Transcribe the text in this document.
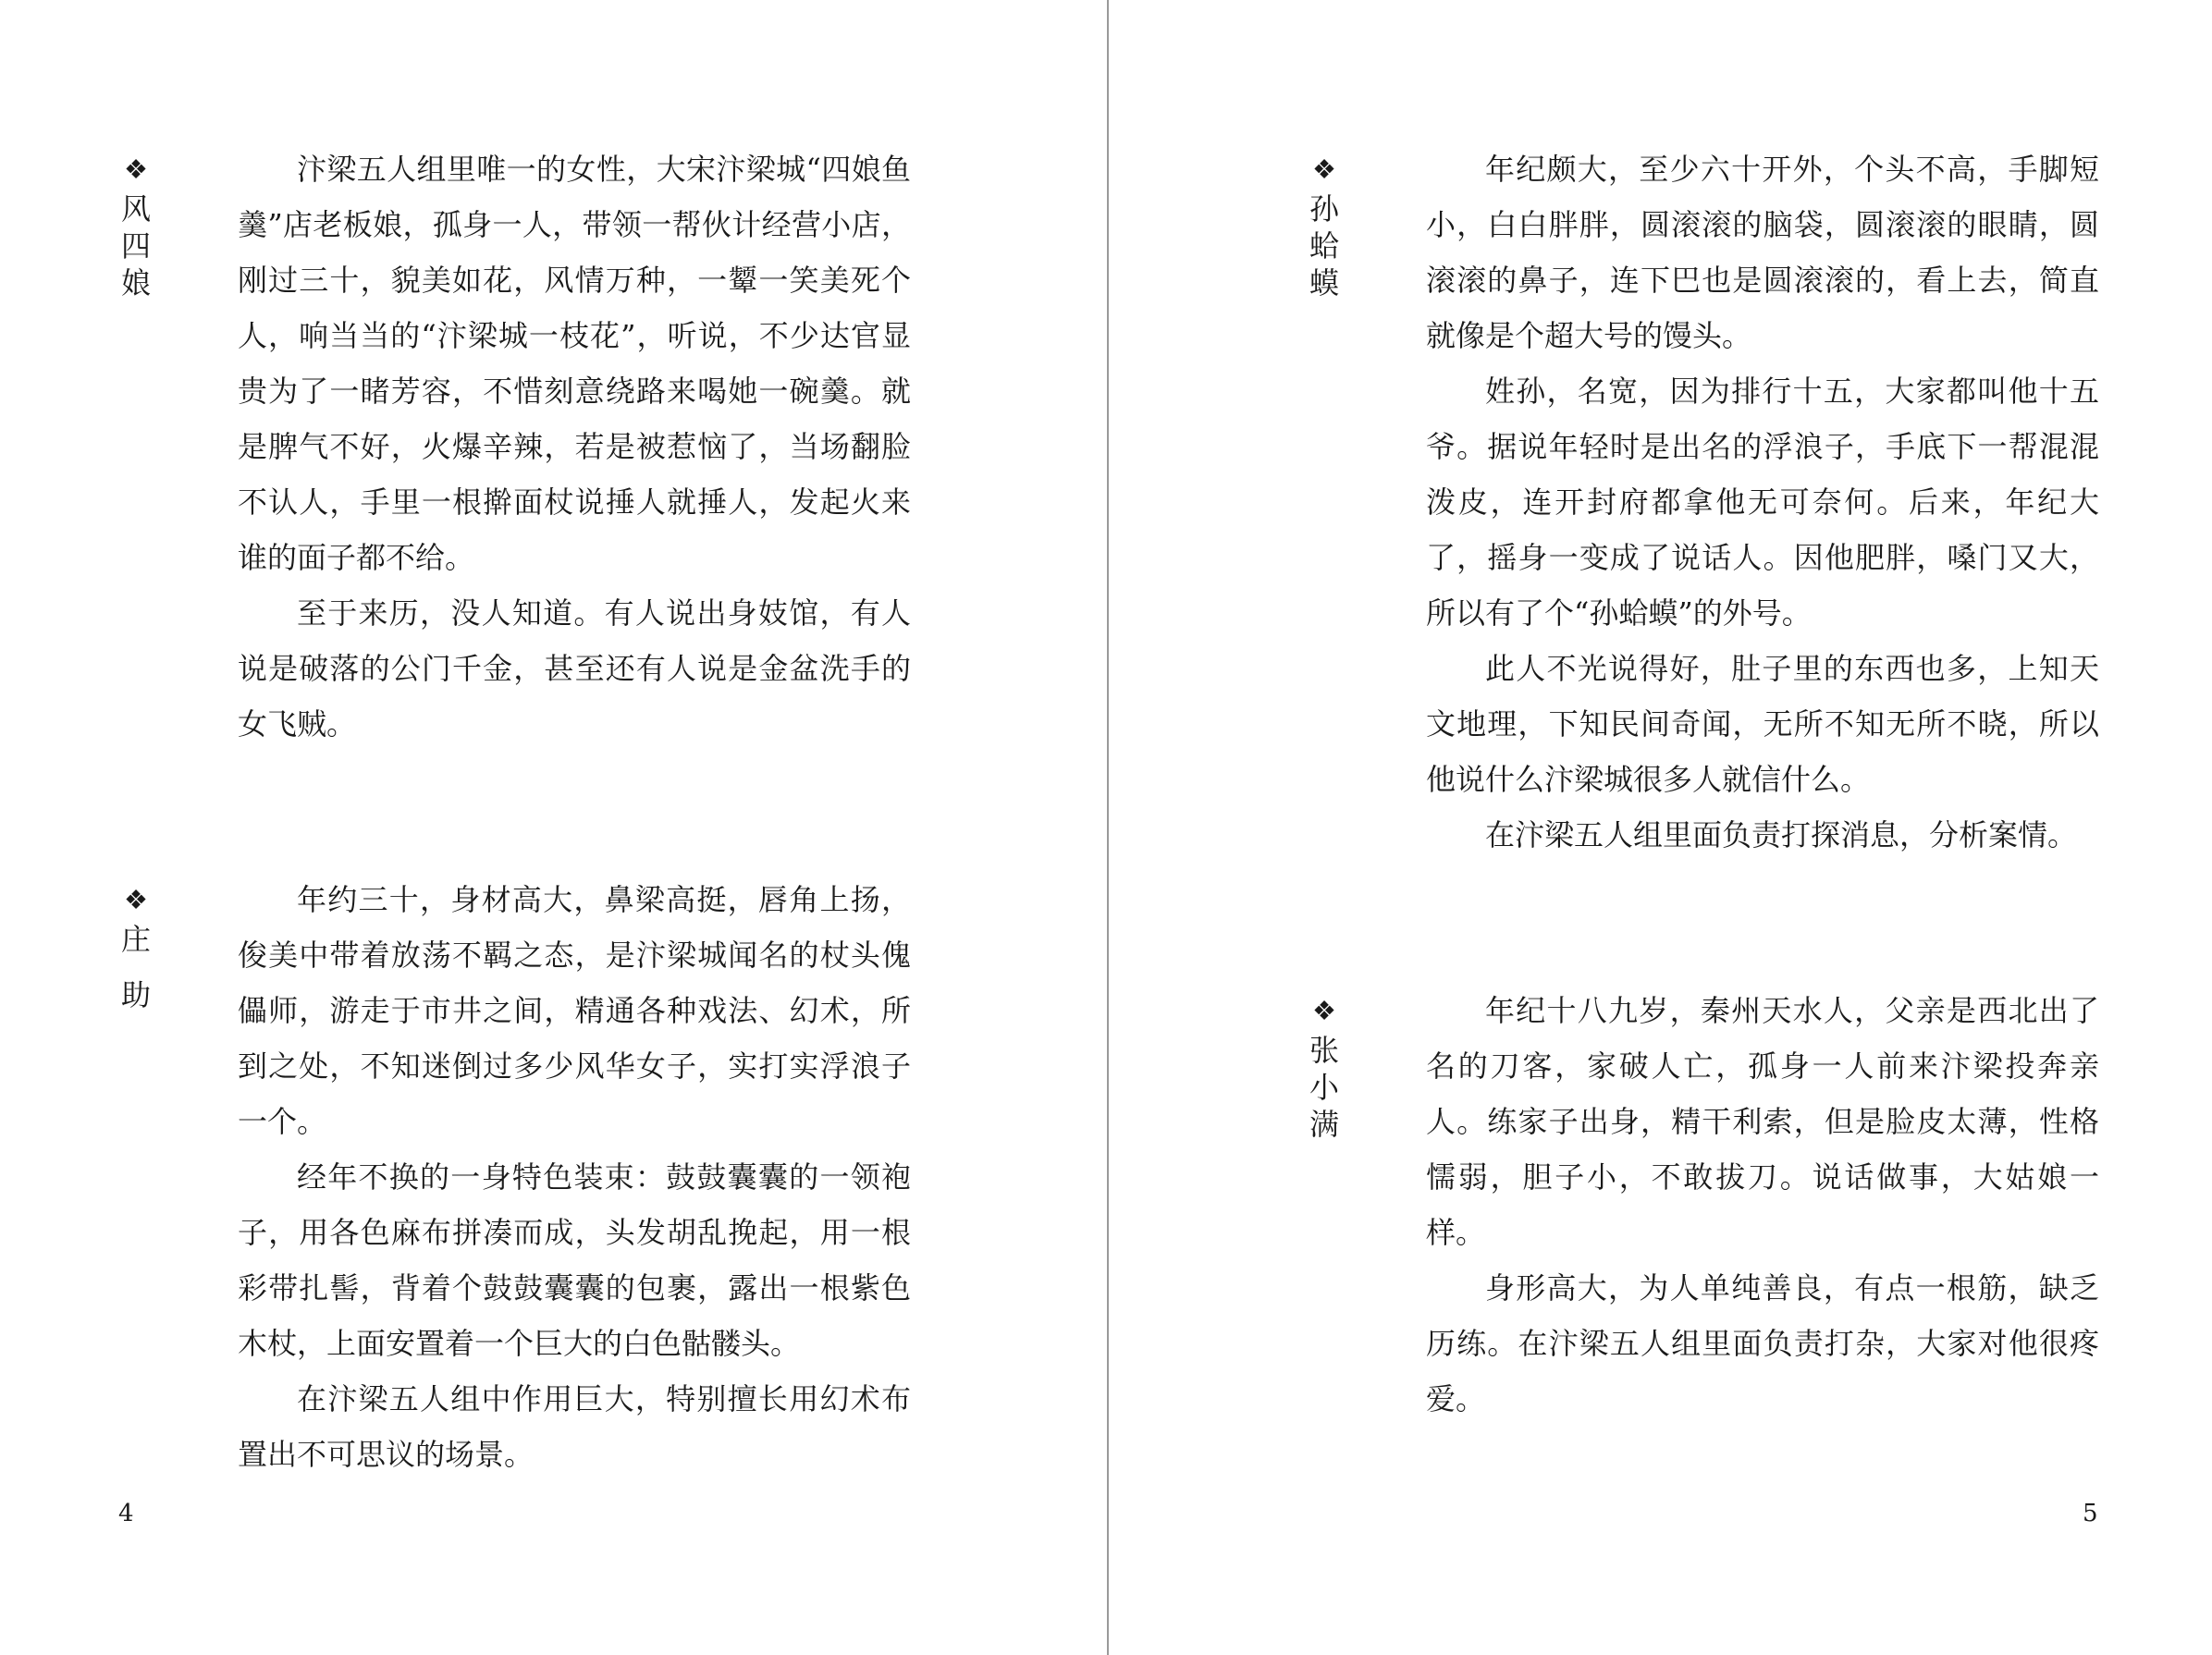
❖
风
四
娘

汴梁五人组里唯一的女性，大宋汴梁城“四娘鱼羹”店老板娘，孤身一人，带领一帮伙计经营小店，刚过三十，貌美如花，风情万种，一颦一笑美死个人，响当当的“汴梁城一枝花”，听说，不少达官显贵为了一睹芳容，不惜刻意绕路来喝她一碗羹。就是脾气不好，火爆辛辣，若是被惹恼了，当场翻脸不认人，手里一根擀面杖说捶人就捶人，发起火来谁的面子都不给。

至于来历，没人知道。有人说出身妓馆，有人说是破落的公门千金，甚至还有人说是金盆洗手的女飞贼。

❖
庄
助

年约三十，身材高大，鼻梁高挺，唇角上扬，俊美中带着放荡不羁之态，是汴梁城闻名的杖头傀儡师，游走于市井之间，精通各种戏法、幻术，所到之处，不知迷倒过多少风华女子，实打实浮浪子一个。

经年不换的一身特色装束：鼓鼓囊囊的一领袍子，用各色麻布拼凑而成，头发胡乱挽起，用一根彩带扎髻，背着个鼓鼓囊囊的包裹，露出一根紫色木杖，上面安置着一个巨大的白色骷髅头。

在汴梁五人组中作用巨大，特别擅长用幻术布置出不可思议的场景。

4
❖
孙
蛤
蟆

年纪颇大，至少六十开外，个头不高，手脚短小，白白胖胖，圆滚滚的脑袋，圆滚滚的眼睛，圆滚滚的鼻子，连下巴也是圆滚滚的，看上去，简直就像是个超大号的馒头。

姓孙，名宽，因为排行十五，大家都叫他十五爷。据说年轻时是出名的浮浪子，手底下一帮混混泼皮，连开封府都拿他无可奈何。后来，年纪大了，摇身一变成了说话人。因他肥胖，嗓门又大，所以有了个“孙蛤蟆”的外号。

此人不光说得好，肚子里的东西也多，上知天文地理，下知民间奇闻，无所不知无所不晓，所以他说什么汴梁城很多人就信什么。

在汴梁五人组里面负责打探消息，分析案情。

❖
张
小
满

年纪十八九岁，秦州天水人，父亲是西北出了名的刀客，家破人亡，孤身一人前来汴梁投奔亲人。练家子出身，精干利索，但是脸皮太薄，性格懦弱，胆子小，不敢拔刀。说话做事，大姑娘一样。

身形高大，为人单纯善良，有点一根筋，缺乏历练。在汴梁五人组里面负责打杂，大家对他很疼爱。

5
